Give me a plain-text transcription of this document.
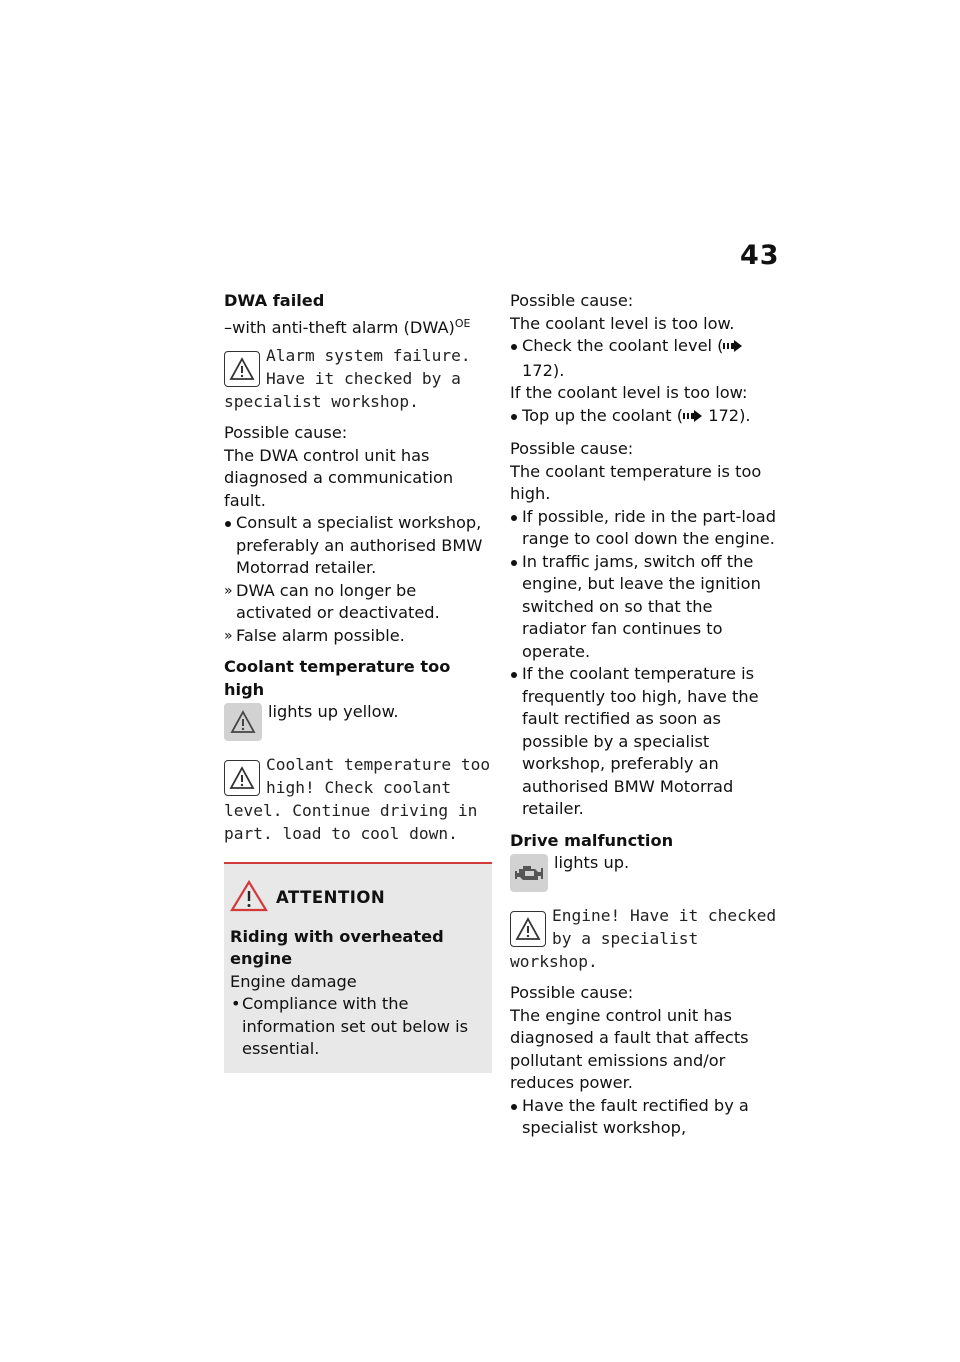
43

DWA failed

–with anti-theft alarm (DWA)$^{OE}$

Alarm system failure. Have it checked by a specialist workshop.

Possible cause:

The DWA control unit has diagnosed a communication fault.

Consult a specialist workshop, preferably an authorised BMW Motorrad retailer.

» DWA can no longer be activated or deactivated.

» False alarm possible.

Coolant temperature too high

lights up yellow.

Coolant temperature too high! Check coolant level. Continue driving in part. load to cool down.

ATTENTION

Riding with overheated engine

Engine damage

• Compliance with the information set out below is essential.

Possible cause:

The coolant level is too low.

Check the coolant level ( 172).

If the coolant level is too low:

Top up the coolant ( 172).

Possible cause:

The coolant temperature is too high.

If possible, ride in the part-load range to cool down the engine.

In traffic jams, switch off the engine, but leave the ignition switched on so that the radiator fan continues to operate.

If the coolant temperature is frequently too high, have the fault rectified as soon as possible by a specialist workshop, preferably an authorised BMW Motorrad retailer.

Drive malfunction

lights up.

Engine! Have it checked by a specialist workshop.

Possible cause:

The engine control unit has diagnosed a fault that affects pollutant emissions and/or reduces power.

Have the fault rectified by a specialist workshop,
